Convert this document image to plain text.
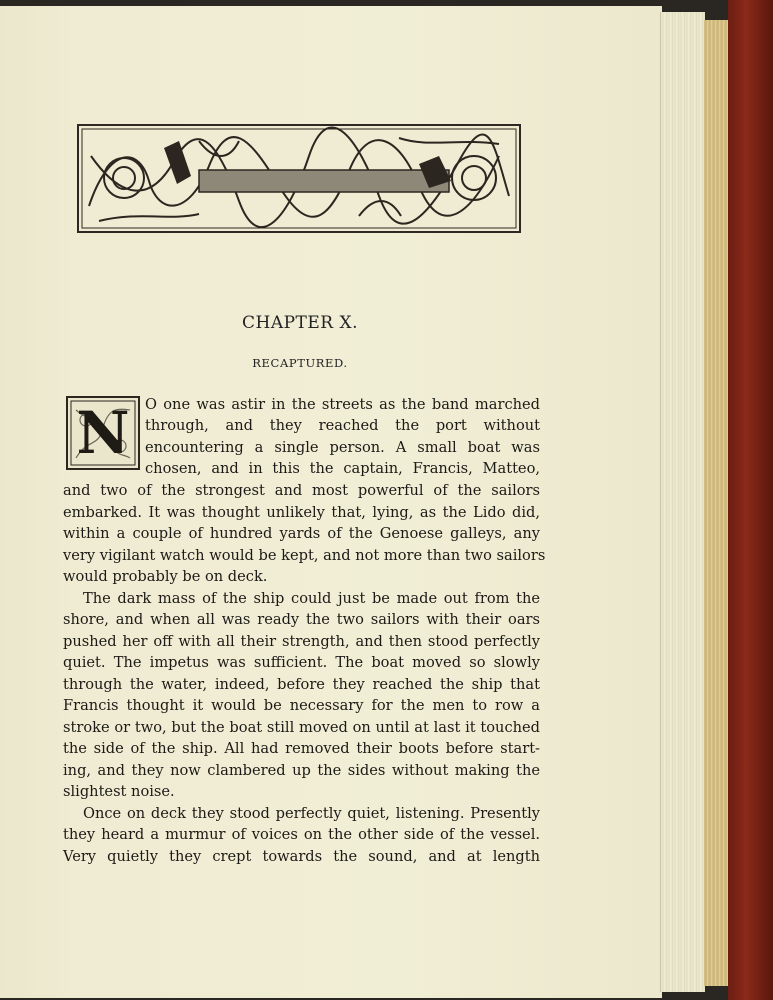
CHAPTER X.
RECAPTURED.
N	O one was astir in the streets as the band marched
through, and they reached the port without
encountering a single person. A small boat was
chosen, and in this the captain, Francis, Matteo,
and two of the strongest and most powerful of the sailors
embarked. It was thought unlikely that, lying, as the Lido did,
within a couple of hundred yards of the Genoese galleys, any
very vigilant watch would be kept, and not more than two sailors
would probably be on deck.
The dark mass of the ship could just be made out from the
shore, and when all was ready the two sailors with their oars
pushed her off with all their strength, and then stood perfectly
quiet. The impetus was sufficient. The boat moved so slowly
through the water, indeed, before they reached the ship that
Francis thought it would be necessary for the men to row a
stroke or two, but the boat still moved on until at last it touched
the side of the ship. All had removed their boots before start-
ing, and they now clambered up the sides without making the
slightest noise.
Once on deck they stood perfectly quiet, listening. Presently
they heard a murmur of voices on the other side of the vessel.
Very quietly they crept towards the sound, and at length
